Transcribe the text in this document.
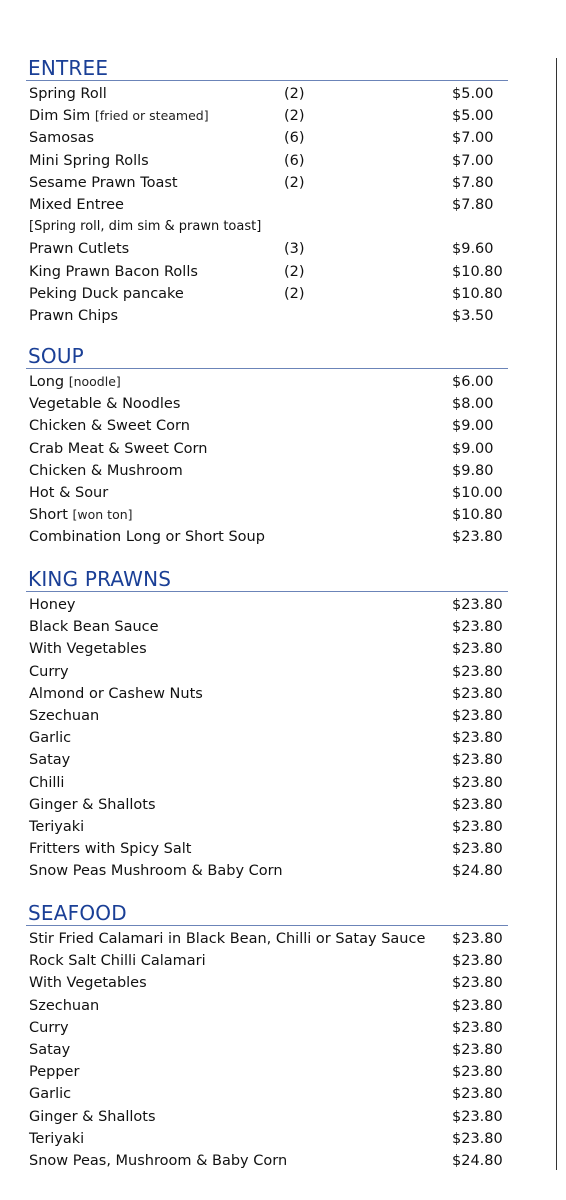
ENTREE
Spring Roll	(2)	$5.00
Dim Sim [fried or steamed]	(2)	$5.00
Samosas	(6)	$7.00
Mini Spring Rolls	(6)	$7.00
Sesame Prawn Toast	(2)	$7.80
Mixed Entree	$7.80
[Spring roll, dim sim & prawn toast]
Prawn Cutlets	(3)	$9.60
King Prawn Bacon Rolls	(2)	$10.80
Peking Duck pancake	(2)	$10.80
Prawn Chips	$3.50
SOUP
Long [noodle]	$6.00
Vegetable & Noodles	$8.00
Chicken & Sweet Corn	$9.00
Crab Meat & Sweet Corn	$9.00
Chicken & Mushroom	$9.80
Hot & Sour	$10.00
Short [won ton]	$10.80
Combination Long or Short Soup	$23.80
KING PRAWNS
Honey	$23.80
Black Bean Sauce	$23.80
With Vegetables	$23.80
Curry	$23.80
Almond or Cashew Nuts	$23.80
Szechuan	$23.80
Garlic	$23.80
Satay	$23.80
Chilli	$23.80
Ginger & Shallots	$23.80
Teriyaki	$23.80
Fritters with Spicy Salt	$23.80
Snow Peas Mushroom & Baby Corn	$24.80
SEAFOOD
Stir Fried Calamari in Black Bean, Chilli or Satay Sauce $23.80
Rock Salt Chilli Calamari	$23.80
With Vegetables	$23.80
Szechuan	$23.80
Curry	$23.80
Satay	$23.80
Pepper	$23.80
Garlic	$23.80
Ginger & Shallots	$23.80
Teriyaki	$23.80
Snow Peas, Mushroom & Baby Corn	$24.80
